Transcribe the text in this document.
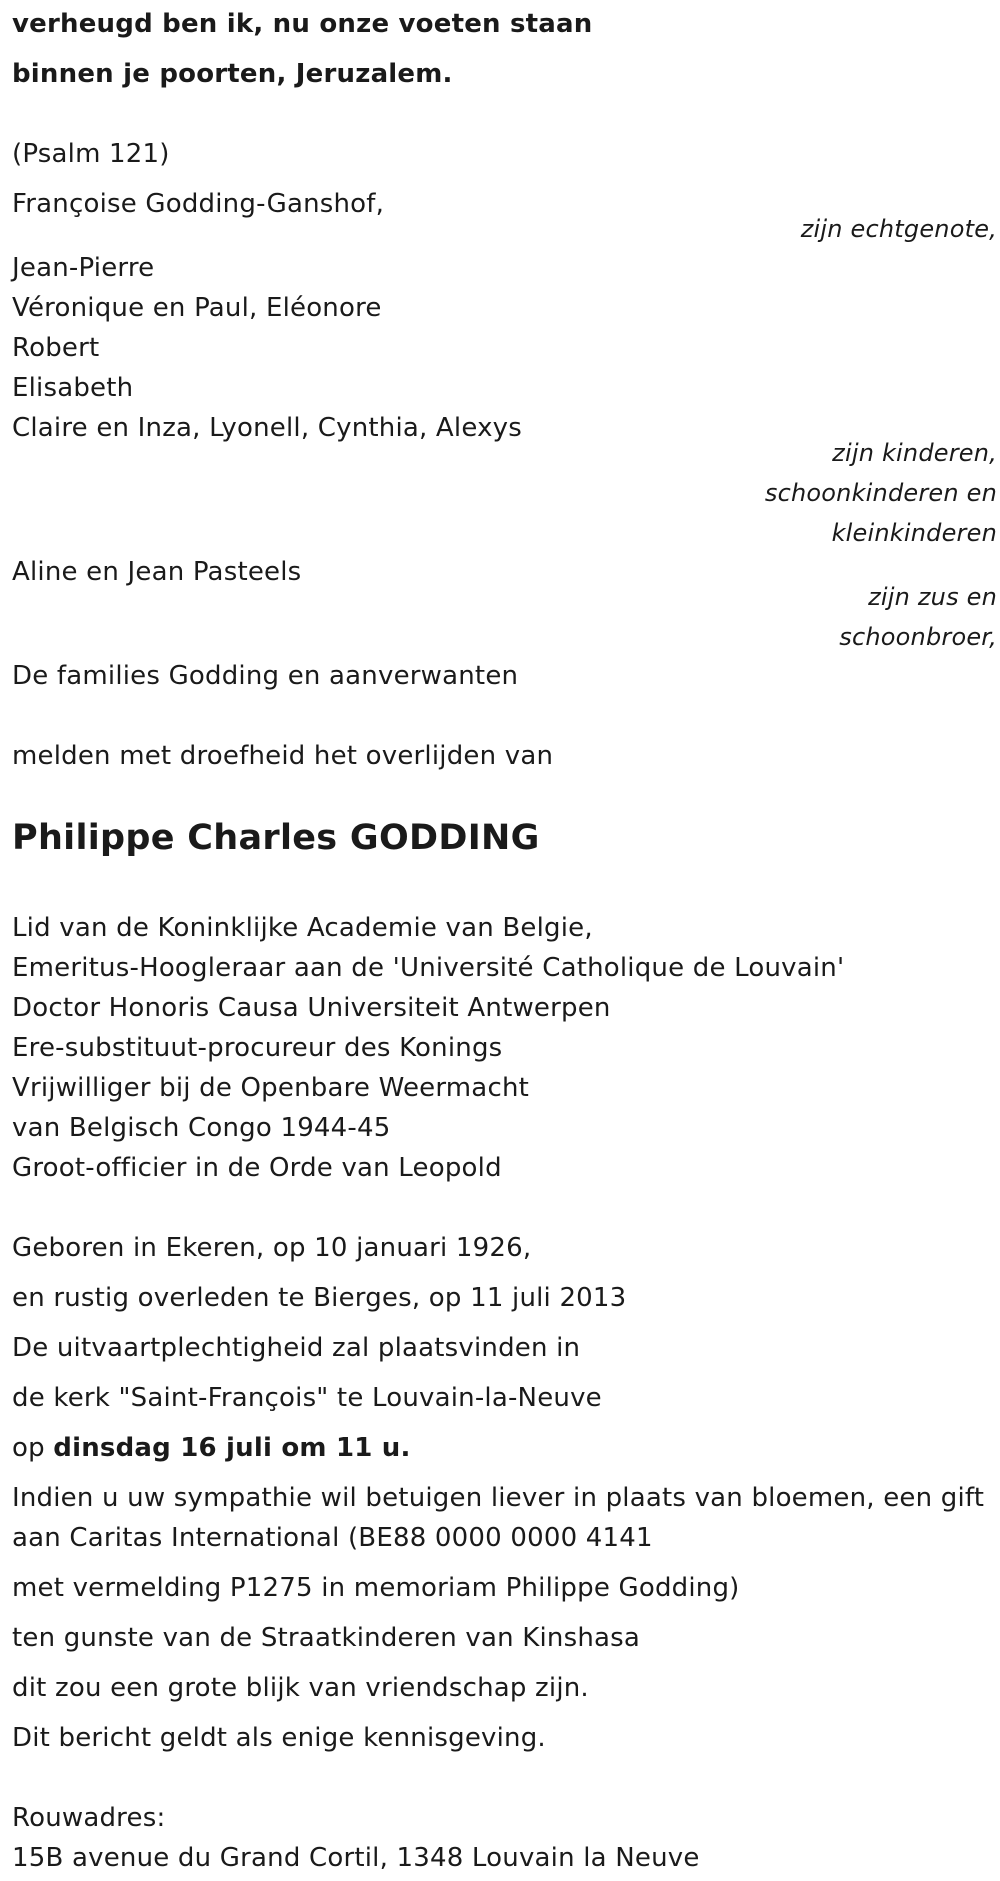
verheugd ben ik, nu onze voeten staan
binnen je poorten, Jeruzalem.
(Psalm 121)
Françoise Godding-Ganshof,
zijn echtgenote,
Jean-Pierre
Véronique en Paul, Eléonore
Robert
Elisabeth
Claire en Inza, Lyonell, Cynthia, Alexys
zijn kinderen,
schoonkinderen en
kleinkinderen
Aline en Jean Pasteels
zijn zus en
schoonbroer,
De families Godding en aanverwanten
melden met droefheid het overlijden van
Philippe Charles GODDING
Lid van de Koninklijke Academie van Belgie,
Emeritus-Hoogleraar aan de 'Université Catholique de Louvain'
Doctor Honoris Causa Universiteit Antwerpen
Ere-substituut-procureur des Konings
Vrijwilliger bij de Openbare Weermacht
van Belgisch Congo 1944-45
Groot-officier in de Orde van Leopold
Geboren in Ekeren, op 10 januari 1926,
en rustig overleden te Bierges, op 11 juli 2013
De uitvaartplechtigheid zal plaatsvinden in
de kerk "Saint-François" te Louvain-la-Neuve
op dinsdag 16 juli om 11 u.
Indien u uw sympathie wil betuigen liever in plaats van bloemen, een gift
aan Caritas International (BE88 0000 0000 4141
met vermelding P1275 in memoriam Philippe Godding)
ten gunste van de Straatkinderen van Kinshasa
dit zou een grote blijk van vriendschap zijn.
Dit bericht geldt als enige kennisgeving.
Rouwadres:
15B avenue du Grand Cortil, 1348 Louvain la Neuve
